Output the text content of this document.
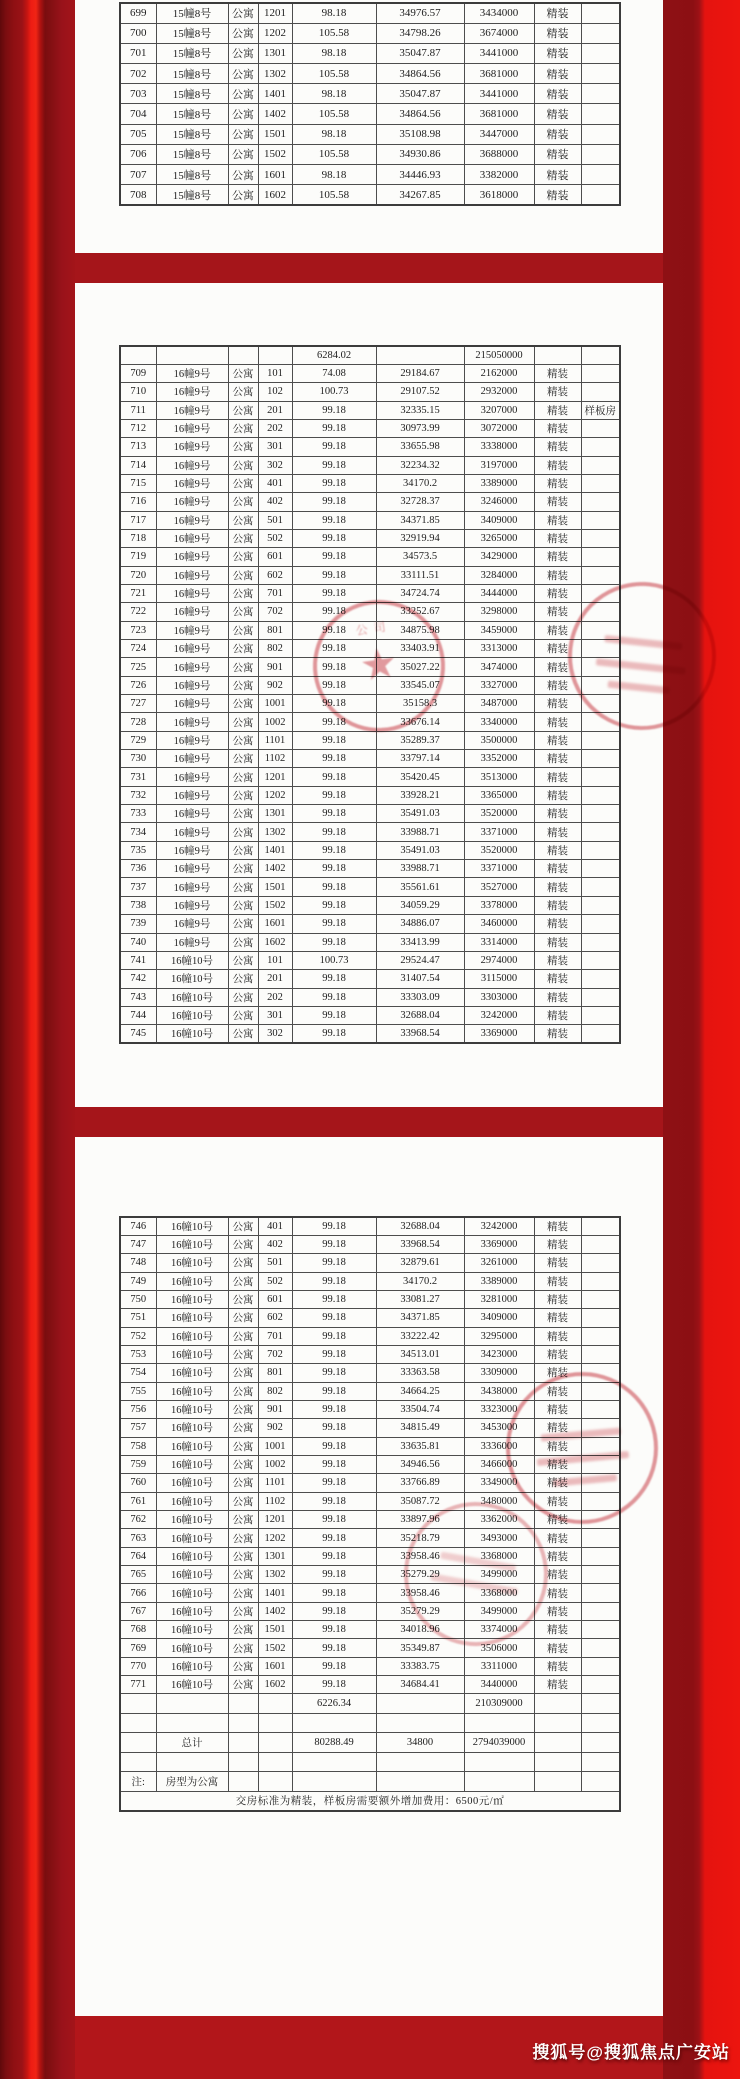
699	15幢8号	公寓	1201	98.18	34976.57	3434000	精装	
700	15幢8号	公寓	1202	105.58	34798.26	3674000	精装	
701	15幢8号	公寓	1301	98.18	35047.87	3441000	精装	
702	15幢8号	公寓	1302	105.58	34864.56	3681000	精装	
703	15幢8号	公寓	1401	98.18	35047.87	3441000	精装	
704	15幢8号	公寓	1402	105.58	34864.56	3681000	精装	
705	15幢8号	公寓	1501	98.18	35108.98	3447000	精装	
706	15幢8号	公寓	1502	105.58	34930.86	3688000	精装	
707	15幢8号	公寓	1601	98.18	34446.93	3382000	精装	
708	15幢8号	公寓	1602	105.58	34267.85	3618000	精装	
				6284.02		215050000		
709	16幢9号	公寓	101	74.08	29184.67	2162000	精装	
710	16幢9号	公寓	102	100.73	29107.52	2932000	精装	
711	16幢9号	公寓	201	99.18	32335.15	3207000	精装	样板房
712	16幢9号	公寓	202	99.18	30973.99	3072000	精装	
713	16幢9号	公寓	301	99.18	33655.98	3338000	精装	
714	16幢9号	公寓	302	99.18	32234.32	3197000	精装	
715	16幢9号	公寓	401	99.18	34170.2	3389000	精装	
716	16幢9号	公寓	402	99.18	32728.37	3246000	精装	
717	16幢9号	公寓	501	99.18	34371.85	3409000	精装	
718	16幢9号	公寓	502	99.18	32919.94	3265000	精装	
719	16幢9号	公寓	601	99.18	34573.5	3429000	精装	
720	16幢9号	公寓	602	99.18	33111.51	3284000	精装	
721	16幢9号	公寓	701	99.18	34724.74	3444000	精装	
722	16幢9号	公寓	702	99.18	33252.67	3298000	精装	
723	16幢9号	公寓	801	99.18	34875.98	3459000	精装	
724	16幢9号	公寓	802	99.18	33403.91	3313000	精装	
725	16幢9号	公寓	901	99.18	35027.22	3474000	精装	
726	16幢9号	公寓	902	99.18	33545.07	3327000	精装	
727	16幢9号	公寓	1001	99.18	35158.3	3487000	精装	
728	16幢9号	公寓	1002	99.18	33676.14	3340000	精装	
729	16幢9号	公寓	1101	99.18	35289.37	3500000	精装	
730	16幢9号	公寓	1102	99.18	33797.14	3352000	精装	
731	16幢9号	公寓	1201	99.18	35420.45	3513000	精装	
732	16幢9号	公寓	1202	99.18	33928.21	3365000	精装	
733	16幢9号	公寓	1301	99.18	35491.03	3520000	精装	
734	16幢9号	公寓	1302	99.18	33988.71	3371000	精装	
735	16幢9号	公寓	1401	99.18	35491.03	3520000	精装	
736	16幢9号	公寓	1402	99.18	33988.71	3371000	精装	
737	16幢9号	公寓	1501	99.18	35561.61	3527000	精装	
738	16幢9号	公寓	1502	99.18	34059.29	3378000	精装	
739	16幢9号	公寓	1601	99.18	34886.07	3460000	精装	
740	16幢9号	公寓	1602	99.18	33413.99	3314000	精装	
741	16幢10号	公寓	101	100.73	29524.47	2974000	精装	
742	16幢10号	公寓	201	99.18	31407.54	3115000	精装	
743	16幢10号	公寓	202	99.18	33303.09	3303000	精装	
744	16幢10号	公寓	301	99.18	32688.04	3242000	精装	
745	16幢10号	公寓	302	99.18	33968.54	3369000	精装	
746	16幢10号	公寓	401	99.18	32688.04	3242000	精装	
747	16幢10号	公寓	402	99.18	33968.54	3369000	精装	
748	16幢10号	公寓	501	99.18	32879.61	3261000	精装	
749	16幢10号	公寓	502	99.18	34170.2	3389000	精装	
750	16幢10号	公寓	601	99.18	33081.27	3281000	精装	
751	16幢10号	公寓	602	99.18	34371.85	3409000	精装	
752	16幢10号	公寓	701	99.18	33222.42	3295000	精装	
753	16幢10号	公寓	702	99.18	34513.01	3423000	精装	
754	16幢10号	公寓	801	99.18	33363.58	3309000	精装	
755	16幢10号	公寓	802	99.18	34664.25	3438000	精装	
756	16幢10号	公寓	901	99.18	33504.74	3323000	精装	
757	16幢10号	公寓	902	99.18	34815.49	3453000	精装	
758	16幢10号	公寓	1001	99.18	33635.81	3336000	精装	
759	16幢10号	公寓	1002	99.18	34946.56	3466000	精装	
760	16幢10号	公寓	1101	99.18	33766.89	3349000	精装	
761	16幢10号	公寓	1102	99.18	35087.72	3480000	精装	
762	16幢10号	公寓	1201	99.18	33897.96	3362000	精装	
763	16幢10号	公寓	1202	99.18	35218.79	3493000	精装	
764	16幢10号	公寓	1301	99.18	33958.46	3368000	精装	
765	16幢10号	公寓	1302	99.18	35279.29	3499000	精装	
766	16幢10号	公寓	1401	99.18	33958.46	3368000	精装	
767	16幢10号	公寓	1402	99.18	35279.29	3499000	精装	
768	16幢10号	公寓	1501	99.18	34018.96	3374000	精装	
769	16幢10号	公寓	1502	99.18	35349.87	3506000	精装	
770	16幢10号	公寓	1601	99.18	33383.75	3311000	精装	
771	16幢10号	公寓	1602	99.18	34684.41	3440000	精装	
				6226.34		210309000		

	总计			80288.49	34800	2794039000		

注:	房型为公寓							
交房标准为精装，样板房需要额外增加费用：6500元/㎡								
公司
★
搜狐号@搜狐焦点广安站
